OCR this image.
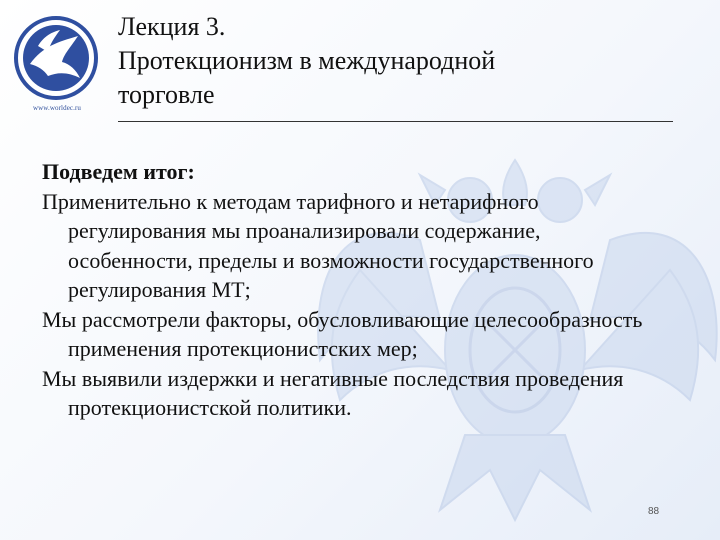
www.worldec.ru
Лекция 3.
Протекционизм в международной
торговле

Подведем итог:

Применительно к методам тарифного и нетарифного регулирования мы проанализировали содержание, особенности, пределы и возможности государственного регулирования МТ;

Мы рассмотрели факторы, обусловливающие целесообразность применения протекционистских мер;

Мы выявили издержки и негативные последствия проведения протекционистской политики.

88
